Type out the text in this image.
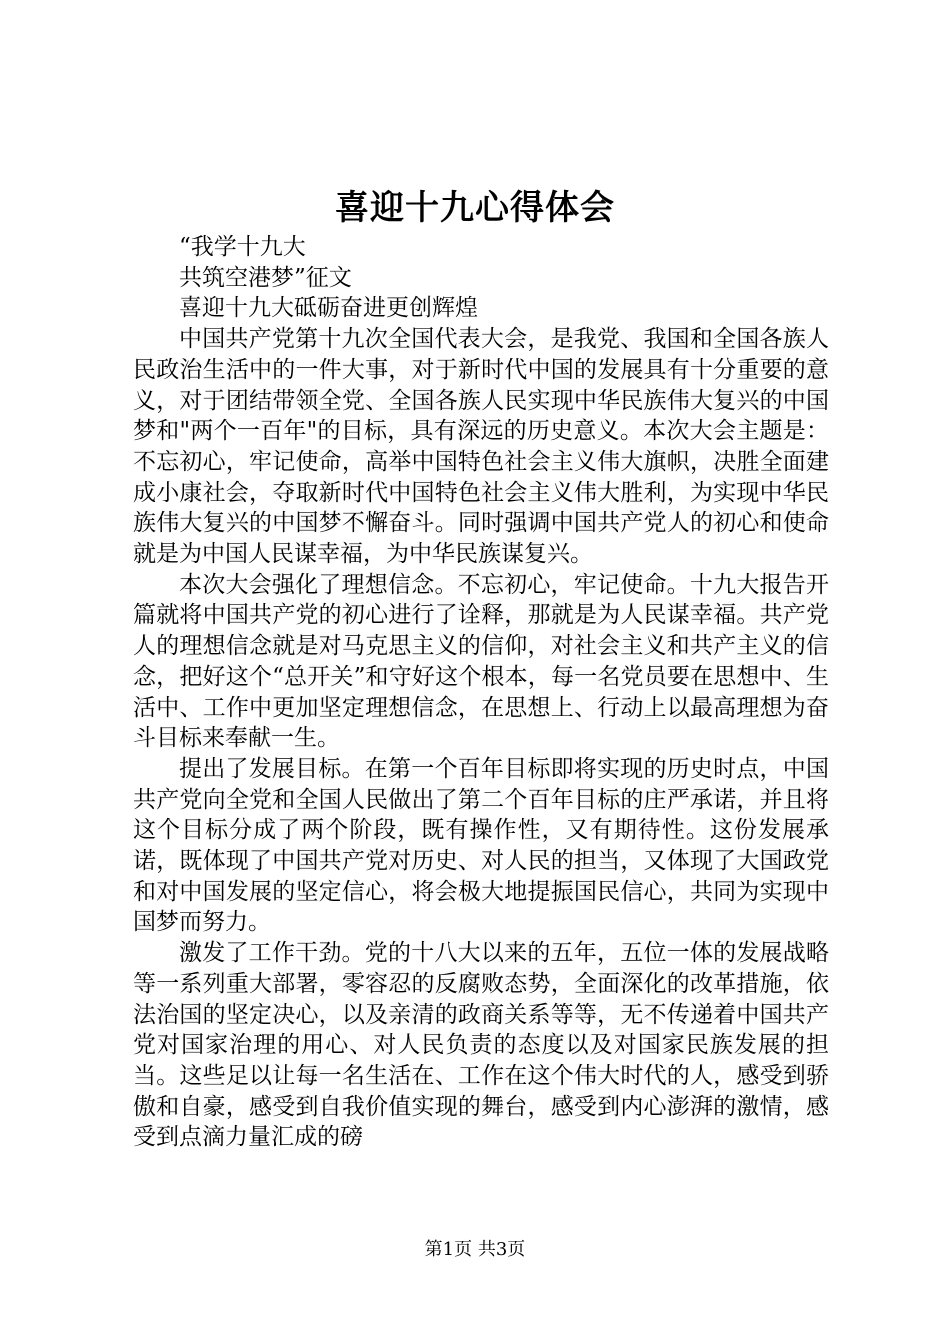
喜迎十九心得体会

“我学十九大

共筑空港梦”征文

喜迎十九大砥砺奋进更创辉煌

中国共产党第十九次全国代表大会，是我党、我国和全国各族人民政治生活中的一件大事，对于新时代中国的发展具有十分重要的意义，对于团结带领全党、全国各族人民实现中华民族伟大复兴的中国梦和"两个一百年"的目标，具有深远的历史意义。本次大会主题是：不忘初心，牢记使命，高举中国特色社会主义伟大旗帜，决胜全面建成小康社会，夺取新时代中国特色社会主义伟大胜利，为实现中华民族伟大复兴的中国梦不懈奋斗。同时强调中国共产党人的初心和使命就是为中国人民谋幸福，为中华民族谋复兴。

本次大会强化了理想信念。不忘初心，牢记使命。十九大报告开篇就将中国共产党的初心进行了诠释，那就是为人民谋幸福。共产党人的理想信念就是对马克思主义的信仰，对社会主义和共产主义的信念，把好这个“总开关”和守好这个根本，每一名党员要在思想中、生活中、工作中更加坚定理想信念，在思想上、行动上以最高理想为奋斗目标来奉献一生。

提出了发展目标。在第一个百年目标即将实现的历史时点，中国共产党向全党和全国人民做出了第二个百年目标的庄严承诺，并且将这个目标分成了两个阶段，既有操作性，又有期待性。这份发展承诺，既体现了中国共产党对历史、对人民的担当，又体现了大国政党和对中国发展的坚定信心，将会极大地提振国民信心，共同为实现中国梦而努力。

激发了工作干劲。党的十八大以来的五年，五位一体的发展战略等一系列重大部署，零容忍的反腐败态势，全面深化的改革措施，依法治国的坚定决心，以及亲清的政商关系等等，无不传递着中国共产党对国家治理的用心、对人民负责的态度以及对国家民族发展的担当。这些足以让每一名生活在、工作在这个伟大时代的人，感受到骄傲和自豪，感受到自我价值实现的舞台，感受到内心澎湃的激情，感受到点滴力量汇成的磅

第1页 共3页
